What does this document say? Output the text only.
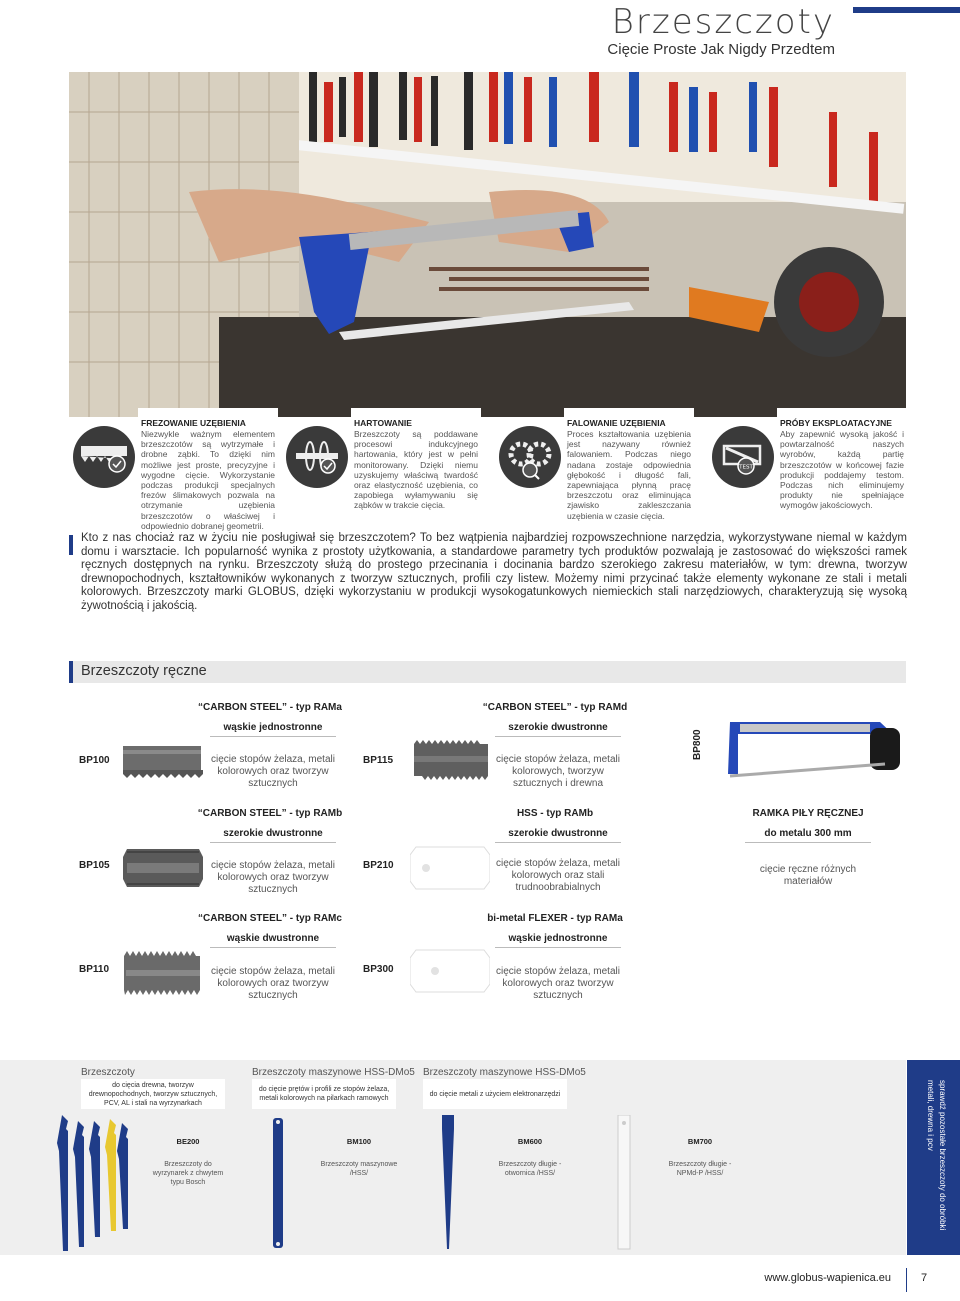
Brzeszczoty
Cięcie Proste Jak Nigdy Przedtem
FREZOWANIE UZĘBIENIA
Niezwykle ważnym elementem brzeszczotów są wytrzymałe i drobne ząbki. To dzięki nim możliwe jest proste, precyzyjne i wygodne cięcie. Wykorzystanie podczas produkcji specjalnych frezów ślimakowych pozwala na otrzymanie uzębienia brzeszczotów o właściwej i odpowiednio dobranej geometrii.
HARTOWANIE
Brzeszczoty są poddawane procesowi indukcyjnego hartowania, który jest w pełni monitorowany. Dzięki niemu uzyskujemy właściwą twardość oraz elastyczność uzębienia, co zapobiega wyłamywaniu się ząbków w trakcie cięcia.
FALOWANIE UZĘBIENIA
Proces kształtowania uzębienia jest nazywany również falowaniem. Podczas niego nadana zostaje odpowiednia głębokość i długość fali, zapewniająca płynną pracę brzeszczotu oraz eliminująca zjawisko zakleszczania uzębienia w czasie cięcia.
TEST
PRÓBY EKSPLOATACYJNE
Aby zapewnić wysoką jakość i powtarzalność naszych wyrobów, każdą partię brzeszczotów w końcowej fazie produkcji poddajemy testom. Podczas nich eliminujemy produkty nie spełniające wymogów jakościowych.
Kto z nas chociaż raz w życiu nie posługiwał się brzeszczotem? To bez wątpienia najbardziej rozpowszechnione narzędzia, wykorzystywane niemal w każdym domu i warsztacie. Ich popularność wynika z prostoty użytkowania, a standardowe parametry tych produktów pozwalają je zastosować do większości ramek ręcznych dostępnych na rynku. Brzeszczoty służą do prostego przecinania i docinania bardzo szerokiego zakresu materiałów, w tym: drewna, tworzyw drewnopochodnych, kształtowników wykonanych z tworzyw sztucznych, profili czy listew. Możemy nimi przycinać także elementy wykonane ze stali i metali kolorowych. Brzeszczoty marki GLOBUS, dzięki wykorzystaniu w produkcji wysokogatunkowych niemieckich stali narzędziowych, charakteryzują się wysoką żywotnością i jakością.
Brzeszczoty ręczne
“CARBON STEEL” - typ RAMa
wąskie jednostronne
BP100	cięcie stopów żelaza, metali kolorowych oraz tworzyw sztucznych
“CARBON STEEL” - typ RAMd
szerokie dwustronne
BP115	cięcie stopów żelaza, metali kolorowych, tworzyw sztucznych i drewna
BP800
RAMKA PIŁY RĘCZNEJ
do metalu 300 mm
cięcie ręczne różnych materiałów
“CARBON STEEL” - typ RAMb
szerokie dwustronne
BP105	cięcie stopów żelaza, metali kolorowych oraz tworzyw sztucznych
HSS - typ RAMb
szerokie dwustronne
BP210	cięcie stopów żelaza, metali kolorowych oraz stali trudnoobrabialnych
“CARBON STEEL” - typ RAMc
wąskie dwustronne
BP110	cięcie stopów żelaza, metali kolorowych oraz tworzyw sztucznych
bi-metal FLEXER - typ RAMa
wąskie jednostronne
BP300	cięcie stopów żelaza, metali kolorowych oraz tworzyw sztucznych
Brzeszczoty
do cięcia drewna, tworzyw drewnopochodnych, tworzyw sztucznych, PCV, AL i stali na wyrzynarkach
Brzeszczoty maszynowe HSS-DMo5
do cięcie prętów i profili ze stopów żelaza, metali kolorowych na pilarkach ramowych
Brzeszczoty maszynowe HSS-DMo5
do cięcie metali z użyciem elektronarzędzi
BE200
Brzeszczoty do wyrzynarek z chwytem typu Bosch
BM100
Brzeszczoty maszynowe /HSS/
BM600
Brzeszczoty długie - otwornica /HSS/
BM700
Brzeszczoty długie - NPMd-P /HSS/	sprawdź pozostałe brzeszczoty do obróbki metali, drewna i pcv
www.globus-wapienica.eu	7
